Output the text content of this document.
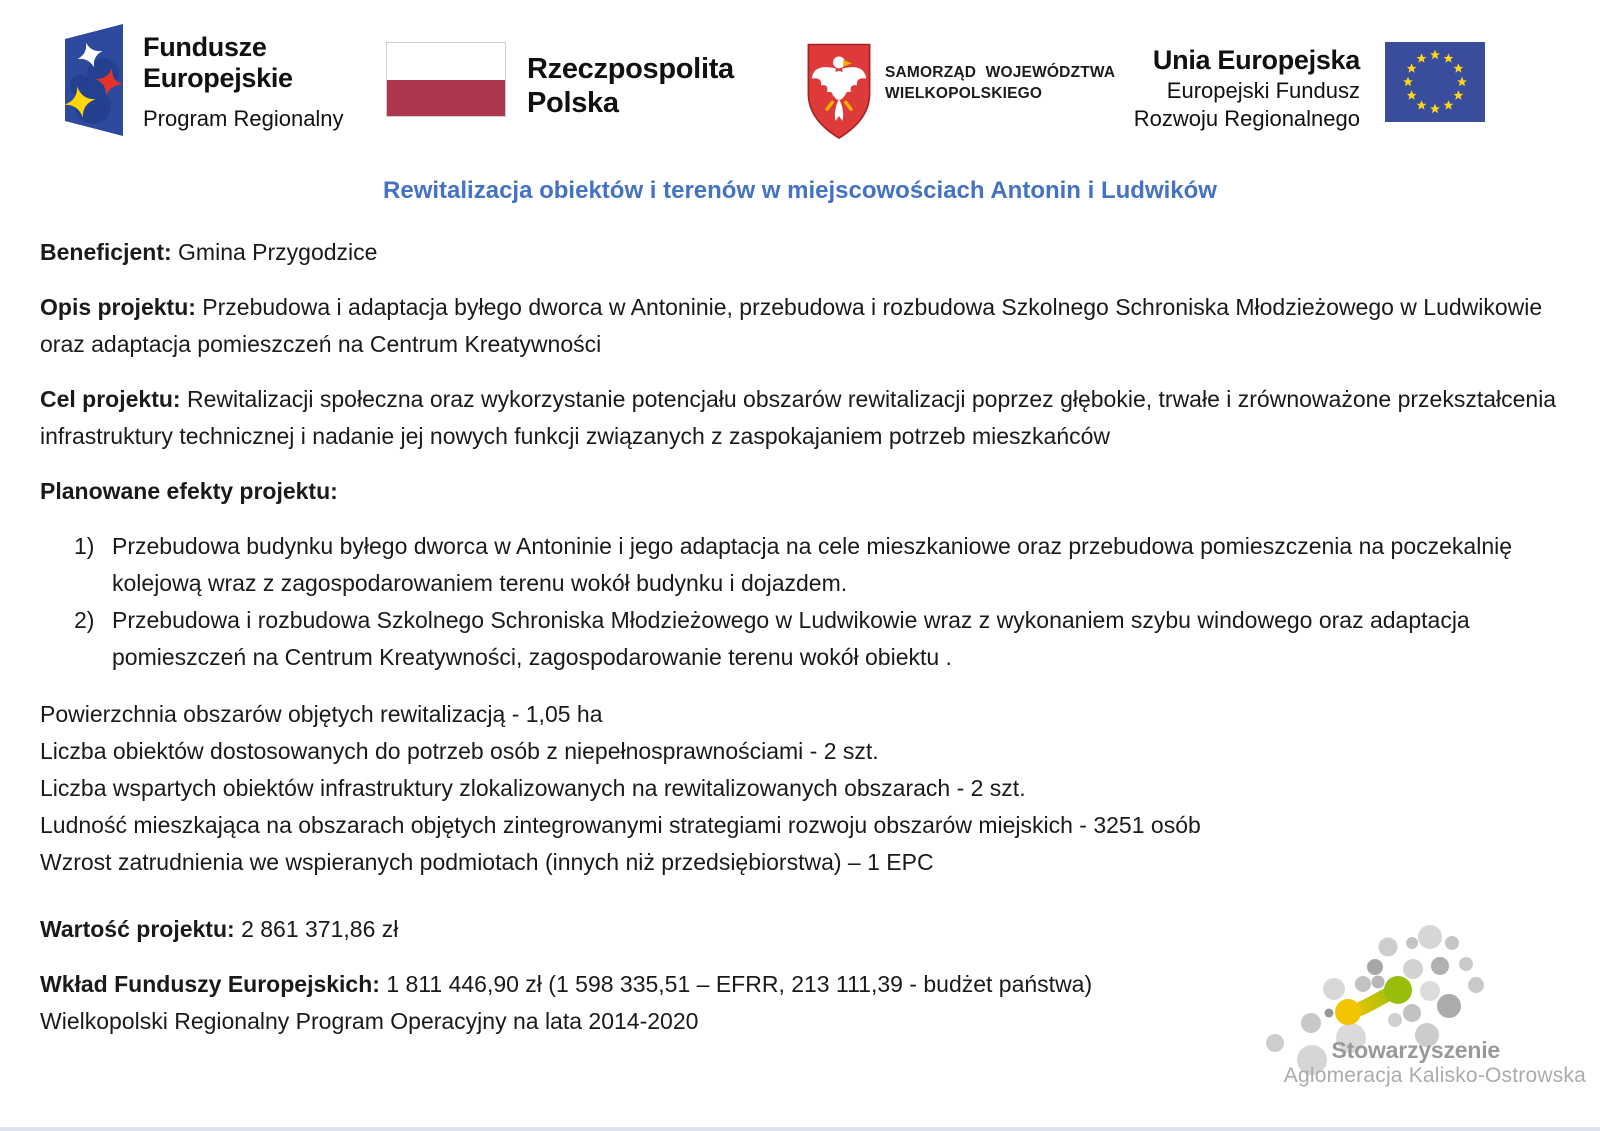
Fundusze
Europejskie
Program Regionalny
Rzeczpospolita
Polska
SAMORZĄD WOJEWÓDZTWA
WIELKOPOLSKIEGO
Unia Europejska
Europejski Fundusz
Rozwoju Regionalnego
Rewitalizacja obiektów i terenów w miejscowościach Antonin i Ludwików

Beneficjent: Gmina Przygodzice

Opis projektu: Przebudowa i adaptacja byłego dworca w Antoninie, przebudowa i rozbudowa Szkolnego Schroniska Młodzieżowego w Ludwikowie oraz adaptacja pomieszczeń na Centrum Kreatywności

Cel projektu: Rewitalizacji społeczna oraz wykorzystanie potencjału obszarów rewitalizacji poprzez głębokie, trwałe i zrównoważone przekształcenia infrastruktury technicznej i nadanie jej nowych funkcji związanych z zaspokajaniem potrzeb mieszkańców

Planowane efekty projektu:

1) Przebudowa budynku byłego dworca w Antoninie i jego adaptacja na cele mieszkaniowe oraz przebudowa pomieszczenia na poczekalnię kolejową wraz z zagospodarowaniem terenu wokół budynku i dojazdem.
2) Przebudowa i rozbudowa Szkolnego Schroniska Młodzieżowego w Ludwikowie wraz z wykonaniem szybu windowego oraz adaptacja pomieszczeń na Centrum Kreatywności, zagospodarowanie terenu wokół obiektu .
Powierzchnia obszarów objętych rewitalizacją - 1,05 ha
Liczba obiektów dostosowanych do potrzeb osób z niepełnosprawnościami - 2 szt.
Liczba wspartych obiektów infrastruktury zlokalizowanych na rewitalizowanych obszarach - 2 szt.
Ludność mieszkająca na obszarach objętych zintegrowanymi strategiami rozwoju obszarów miejskich - 3251 osób
Wzrost zatrudnienia we wspieranych podmiotach (innych niż przedsiębiorstwa) – 1 EPC

Wartość projektu: 2 861 371,86 zł

Wkład Funduszy Europejskich: 1 811 446,90 zł (1 598 335,51 – EFRR, 213 111,39 - budżet państwa)
Wielkopolski Regionalny Program Operacyjny na lata 2014-2020

Stowarzyszenie
Aglomeracja Kalisko-Ostrowska
